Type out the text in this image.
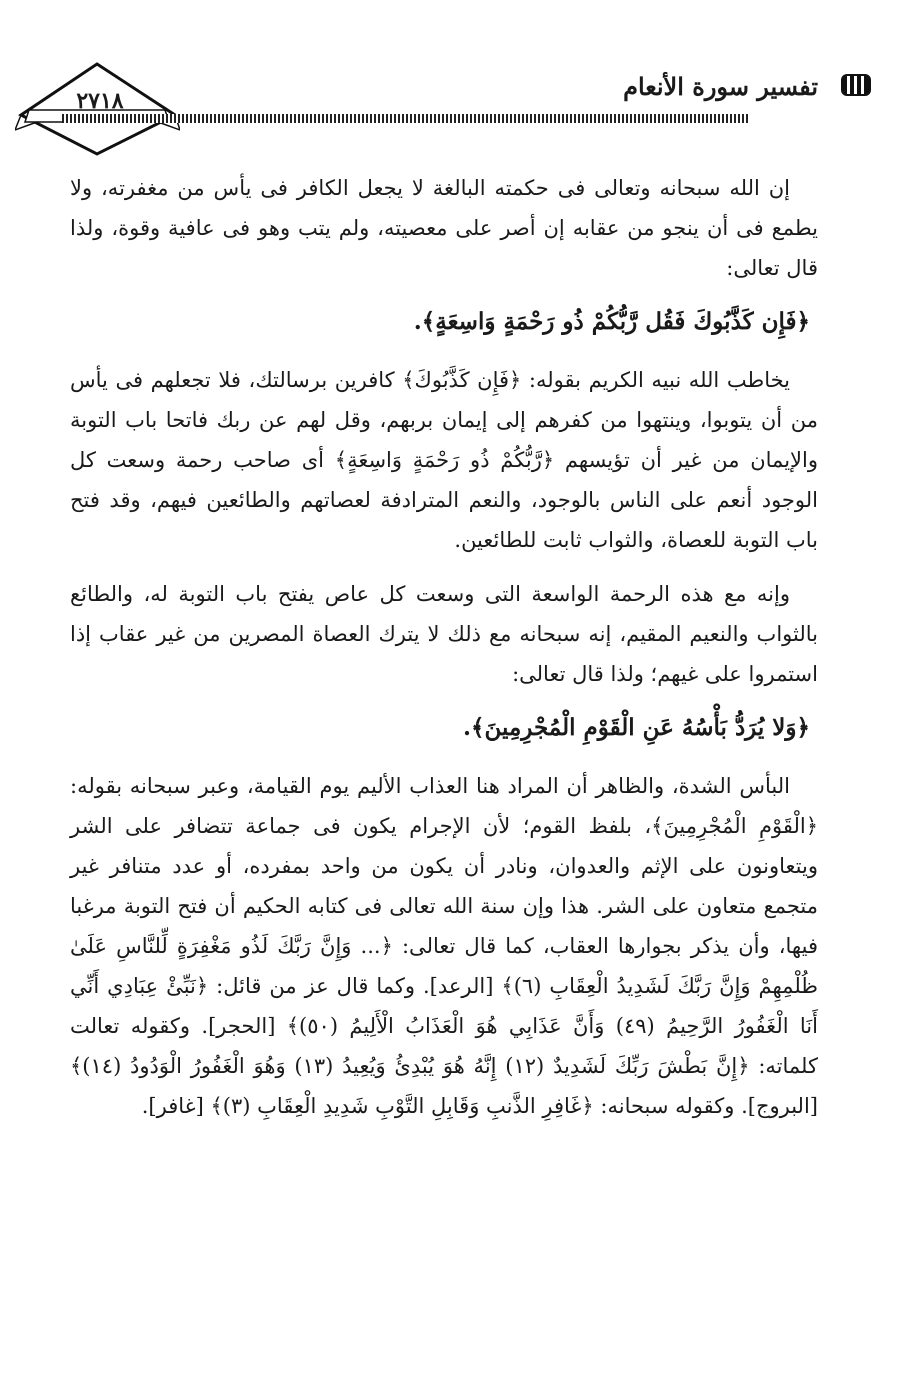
٢٧١٨	تفسير سورة الأنعام

إن الله سبحانه وتعالى فى حكمته البالغة لا يجعل الكافر فى يأس من مغفرته، ولا يطمع فى أن ينجو من عقابه إن أصر على معصيته، ولم يتب وهو فى عافية وقوة، ولذا قال تعالى:

﴿فَإِن كَذَّبُوكَ فَقُل رَّبُّكُمْ ذُو رَحْمَةٍ وَاسِعَةٍ﴾.

يخاطب الله نبيه الكريم بقوله: ﴿فَإِن كَذَّبُوكَ﴾ كافرين برسالتك، فلا تجعلهم فى يأس من أن يتوبوا، وينتهوا من كفرهم إلى إيمان بربهم، وقل لهم عن ربك فاتحا باب التوبة والإيمان من غير أن تؤيسهم ﴿رَّبُّكُمْ ذُو رَحْمَةٍ وَاسِعَةٍ﴾ أى صاحب رحمة وسعت كل الوجود أنعم على الناس بالوجود، والنعم المترادفة لعصاتهم والطائعين فيهم، وقد فتح باب التوبة للعصاة، والثواب ثابت للطائعين.

وإنه مع هذه الرحمة الواسعة التى وسعت كل عاص يفتح باب التوبة له، والطائع بالثواب والنعيم المقيم، إنه سبحانه مع ذلك لا يترك العصاة المصرين من غير عقاب إذا استمروا على غيهم؛ ولذا قال تعالى:

﴿وَلا يُرَدُّ بَأْسُهُ عَنِ الْقَوْمِ الْمُجْرِمِينَ﴾.

البأس الشدة، والظاهر أن المراد هنا العذاب الأليم يوم القيامة، وعبر سبحانه بقوله: ﴿الْقَوْمِ الْمُجْرِمِينَ﴾، بلفظ القوم؛ لأن الإجرام يكون فى جماعة تتضافر على الشر ويتعاونون على الإثم والعدوان، ونادر أن يكون من واحد بمفرده، أو عدد متنافر غير متجمع متعاون على الشر. هذا وإن سنة الله تعالى فى كتابه الحكيم أن فتح التوبة مرغبا فيها، وأن يذكر بجوارها العقاب، كما قال تعالى: ﴿... وَإِنَّ رَبَّكَ لَذُو مَغْفِرَةٍ لِّلنَّاسِ عَلَىٰ ظُلْمِهِمْ وَإِنَّ رَبَّكَ لَشَدِيدُ الْعِقَابِ (٦)﴾ [الرعد]. وكما قال عز من قائل: ﴿نَبِّئْ عِبَادِي أَنِّي أَنَا الْغَفُورُ الرَّحِيمُ (٤٩) وَأَنَّ عَذَابِي هُوَ الْعَذَابُ الْأَلِيمُ (٥٠)﴾ [الحجر]. وكقوله تعالت كلماته: ﴿إِنَّ بَطْشَ رَبِّكَ لَشَدِيدٌ (١٢) إِنَّهُ هُوَ يُبْدِئُ وَيُعِيدُ (١٣) وَهُوَ الْغَفُورُ الْوَدُودُ (١٤)﴾ [البروج]. وكقوله سبحانه: ﴿غَافِرِ الذَّنبِ وَقَابِلِ التَّوْبِ شَدِيدِ الْعِقَابِ (٣)﴾ [غافر].
